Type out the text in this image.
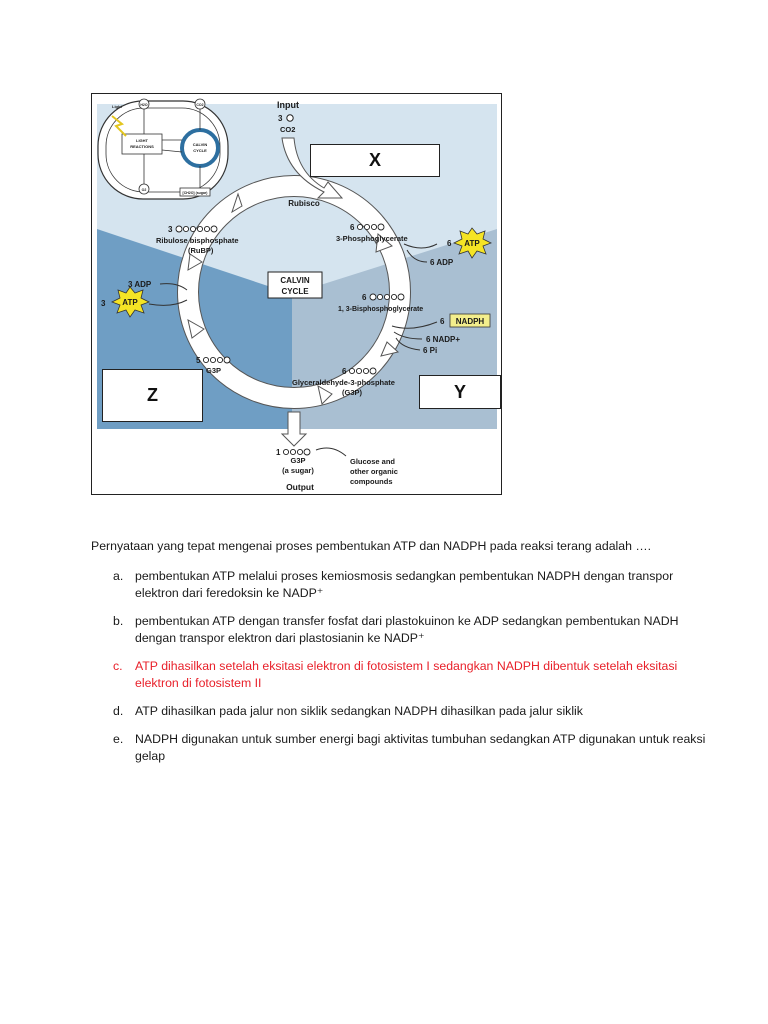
LIGHT
REACTIONS	CALVIN
CYCLE
H2O	CO2
O2
[CH2O] (sugar)
Light	Input
3
CO2
Rubisco
6
3-Phosphoglycerate
6 ATP
6 ADP
6
1, 3-Bisphosphoglycerate
6 NADPH
6 NADP+
6 Pi
CALVIN
CYCLE
6
Glyceraldehyde-3-phosphate
(G3P)
3
Ribulose bisphosphate
(RuBP)
3 ADP
3 ATP
5
G3P
1
G3P
(a sugar)
Output
Glucose and
other organic
compounds
X
Y
Z
Pernyataan yang tepat mengenai proses pembentukan ATP dan NADPH pada reaksi terang adalah ….
a. pembentukan ATP melalui proses kemiosmosis sedangkan pembentukan NADPH dengan transpor elektron dari feredoksin ke NADP⁺
b. pembentukan ATP dengan transfer fosfat dari plastokuinon ke ADP sedangkan pembentukan NADH dengan transpor elektron dari plastosianin ke NADP⁺
c.	ATP dihasilkan setelah eksitasi elektron di fotosistem I sedangkan NADPH dibentuk setelah eksitasi elektron di fotosistem II
d. ATP dihasilkan pada jalur non siklik sedangkan NADPH dihasilkan pada jalur siklik
e. NADPH digunakan untuk sumber energi bagi aktivitas tumbuhan sedangkan ATP digunakan untuk reaksi gelap
